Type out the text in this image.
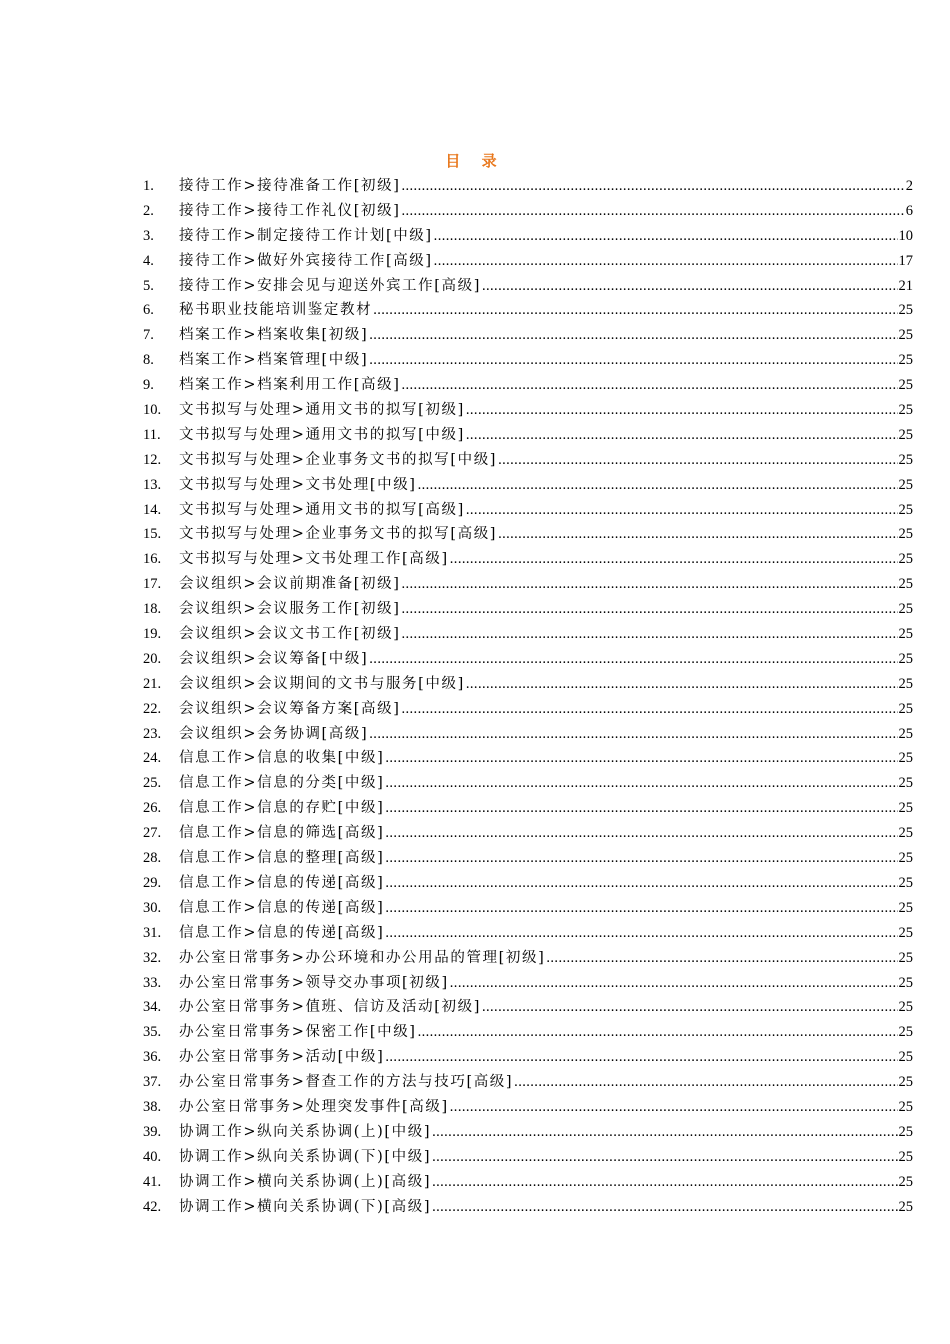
目 录
1.	接待工作>接待准备工作[初级] .....	2
2.	接待工作>接待工作礼仪[初级] .....	6
3.	接待工作>制定接待工作计划[中级] .....	10
4.	接待工作>做好外宾接待工作[高级] .....	17
5.	接待工作>安排会见与迎送外宾工作[高级] .....	21
6.	秘书职业技能培训鉴定教材 .....	25
7.	档案工作>档案收集[初级] .....	25
8.	档案工作>档案管理[中级] .....	25
9.	档案工作>档案利用工作[高级] .....	25
10.	文书拟写与处理>通用文书的拟写[初级] .....	25
11.	文书拟写与处理>通用文书的拟写[中级] .....	25
12.	文书拟写与处理>企业事务文书的拟写[中级] .....	25
13.	文书拟写与处理>文书处理[中级] .....	25
14.	文书拟写与处理>通用文书的拟写[高级] .....	25
15.	文书拟写与处理>企业事务文书的拟写[高级] .....	25
16.	文书拟写与处理>文书处理工作[高级] .....	25
17.	会议组织>会议前期准备[初级] .....	25
18.	会议组织>会议服务工作[初级] .....	25
19.	会议组织>会议文书工作[初级] .....	25
20.	会议组织>会议筹备[中级] .....	25
21.	会议组织>会议期间的文书与服务[中级] .....	25
22.	会议组织>会议筹备方案[高级] .....	25
23.	会议组织>会务协调[高级] .....	25
24.	信息工作>信息的收集[中级] .....	25
25.	信息工作>信息的分类[中级] .....	25
26.	信息工作>信息的存贮[中级] .....	25
27.	信息工作>信息的筛选[高级] .....	25
28.	信息工作>信息的整理[高级] .....	25
29.	信息工作>信息的传递[高级] .....	25
30.	信息工作>信息的传递[高级] .....	25
31.	信息工作>信息的传递[高级] .....	25
32.	办公室日常事务>办公环境和办公用品的管理[初级] .....	25
33.	办公室日常事务>领导交办事项[初级] .....	25
34.	办公室日常事务>值班、信访及活动[初级] .....	25
35.	办公室日常事务>保密工作[中级] .....	25
36.	办公室日常事务>活动[中级] .....	25
37.	办公室日常事务>督查工作的方法与技巧[高级] .....	25
38.	办公室日常事务>处理突发事件[高级] .....	25
39.	协调工作>纵向关系协调(上)[中级] .....	25
40.	协调工作>纵向关系协调(下)[中级] .....	25
41.	协调工作>横向关系协调(上)[高级] .....	25
42.	协调工作>横向关系协调(下)[高级] .....	25
